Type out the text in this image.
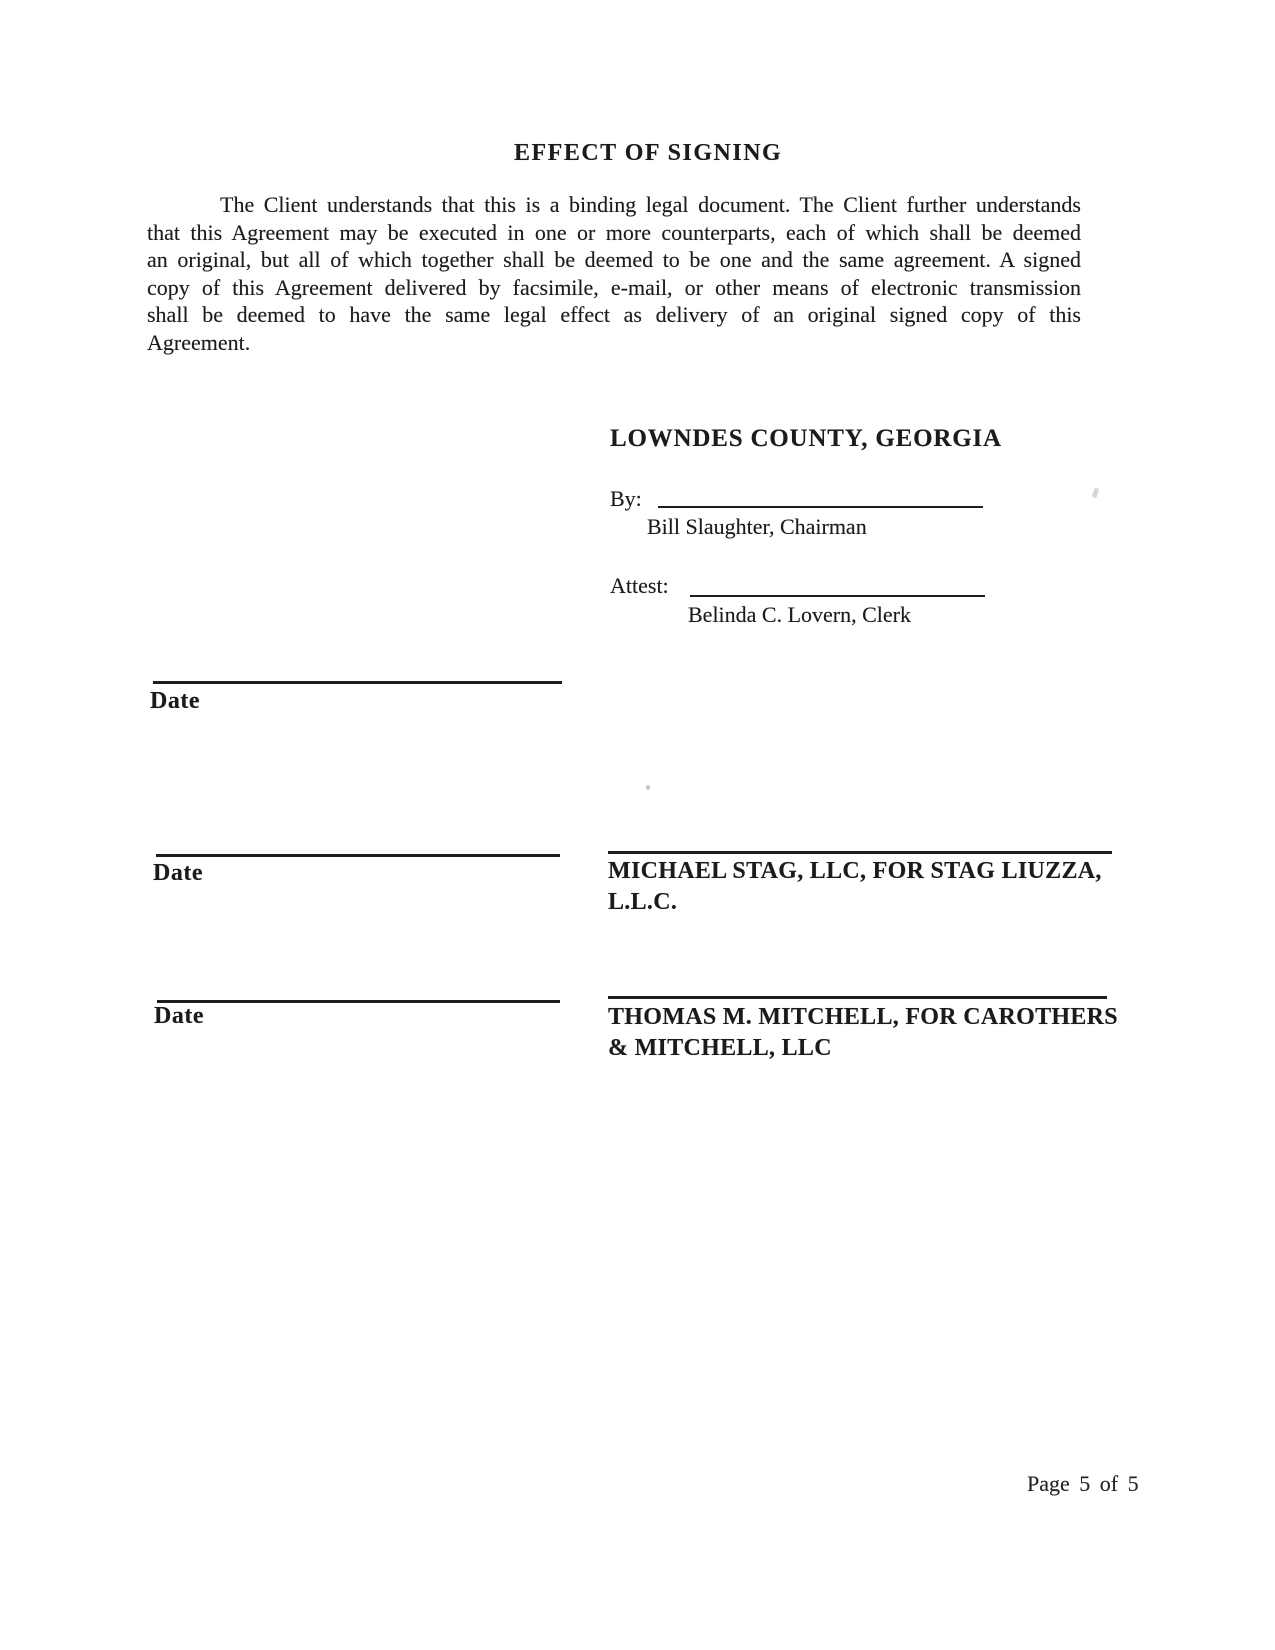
EFFECT OF SIGNING
The Client understands that this is a binding legal document. The Client further understands
that this Agreement may be executed in one or more counterparts, each of which shall be deemed
an original, but all of which together shall be deemed to be one and the same agreement. A signed
copy of this Agreement delivered by facsimile, e-mail, or other means of electronic transmission
shall be deemed to have the same legal effect as delivery of an original signed copy of this
Agreement.
LOWNDES COUNTY, GEORGIA
By:
Bill Slaughter, Chairman
Attest:
Belinda C. Lovern, Clerk
Date
Date	MICHAEL STAG, LLC, FOR STAG LIUZZA,
L.L.C.
Date	THOMAS M. MITCHELL, FOR CAROTHERS
& MITCHELL, LLC
Page 5 of 5
